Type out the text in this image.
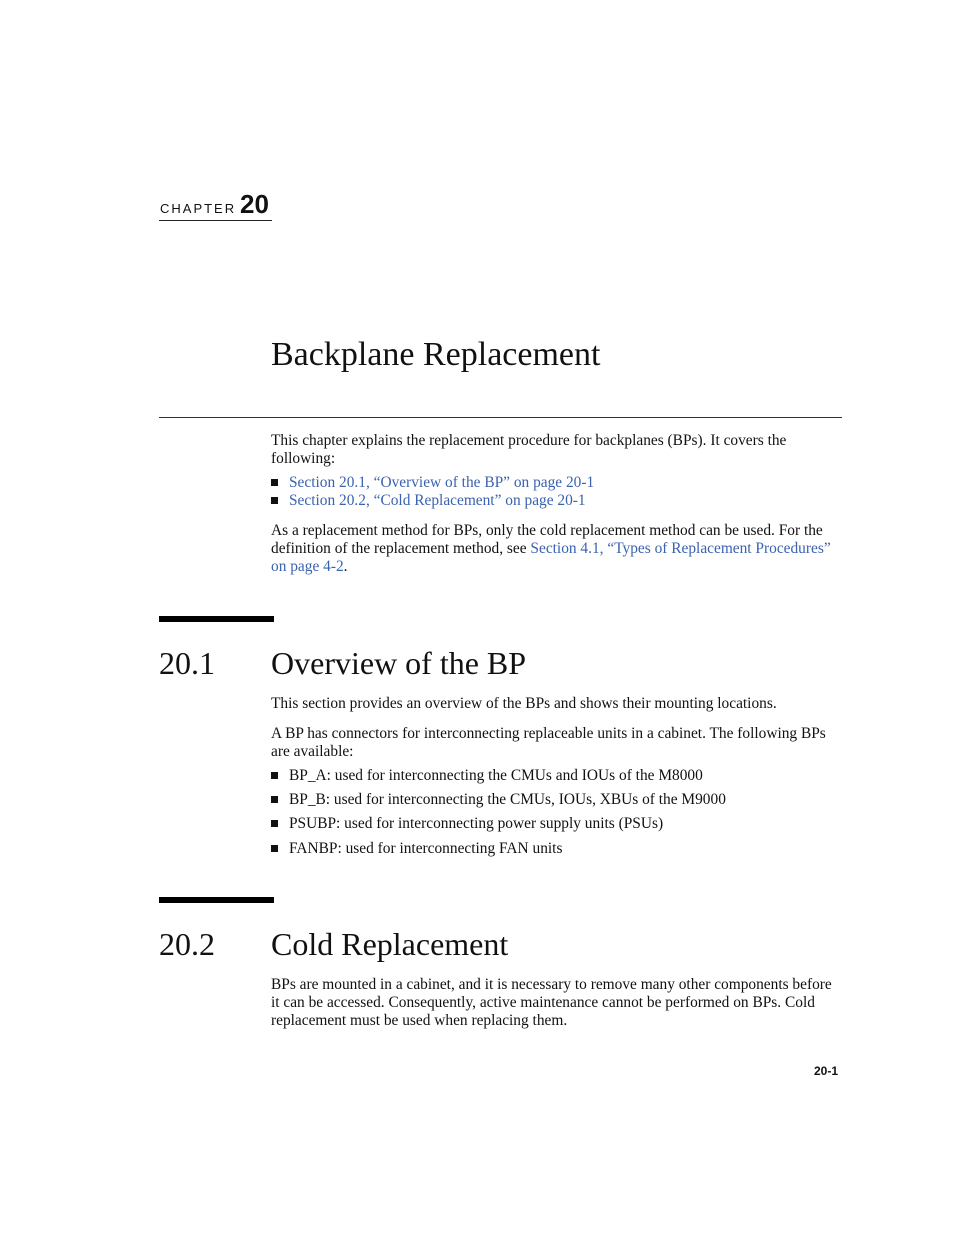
CHAPTER 20
Backplane Replacement
This chapter explains the replacement procedure for backplanes (BPs). It covers the following:
Section 20.1, “Overview of the BP” on page 20-1
Section 20.2, “Cold Replacement” on page 20-1
As a replacement method for BPs, only the cold replacement method can be used. For the definition of the replacement method, see Section 4.1, “Types of Replacement Procedures” on page 4-2.
20.1 Overview of the BP
This section provides an overview of the BPs and shows their mounting locations.
A BP has connectors for interconnecting replaceable units in a cabinet. The following BPs are available:
BP_A: used for interconnecting the CMUs and IOUs of the M8000
BP_B: used for interconnecting the CMUs, IOUs, XBUs of the M9000
PSUBP: used for interconnecting power supply units (PSUs)
FANBP: used for interconnecting FAN units
20.2 Cold Replacement
BPs are mounted in a cabinet, and it is necessary to remove many other components before it can be accessed. Consequently, active maintenance cannot be performed on BPs. Cold replacement must be used when replacing them.
20-1
